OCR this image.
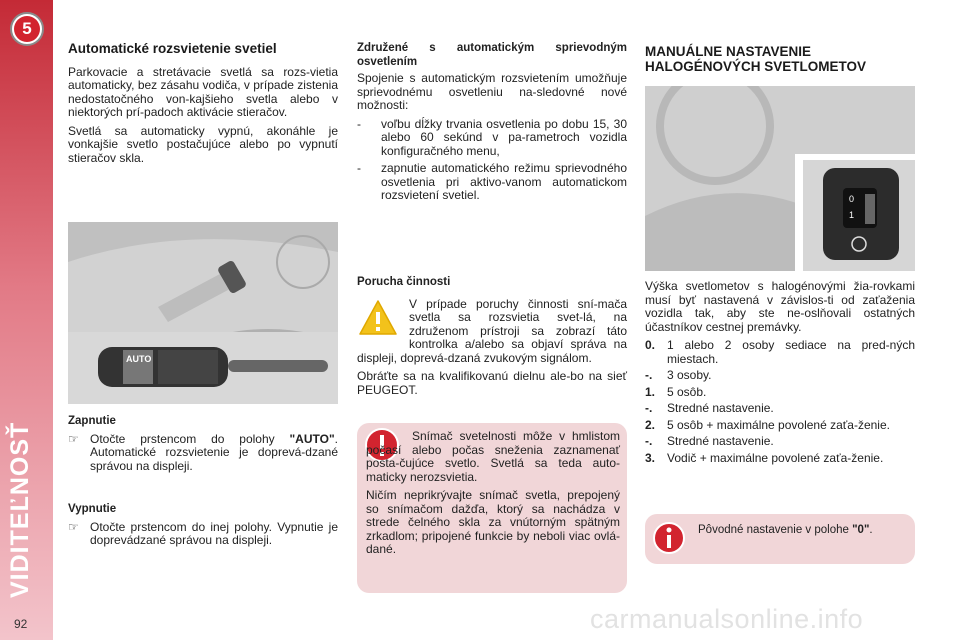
5
VIDITEĽNOSŤ
92
Automatické rozsvietenie svetiel

Parkovacie a stretávacie svetlá sa rozs-vietia automaticky, bez zásahu vodiča, v prípade zistenia nedostatočného von-kajšieho svetla alebo v niektorých prí-padoch aktivácie stieračov.

Svetlá sa automaticky vypnú, akonáhle je vonkajšie svetlo postačujúce alebo po vypnutí stieračov skla.

AUTO
Zapnutie
☞ Otočte prstencom do polohy "AUTO". Automatické rozsvietenie je doprevá-dzané správou na displeji.
Vypnutie
☞ Otočte prstencom do inej polohy. Vypnutie je doprevádzané správou na displeji.
Združené s automatickým sprievodným osvetlením

Spojenie s automatickým rozsvietením umožňuje sprievodnému osvetleniu na-sledovné nové možnosti:

- voľbu dĺžky trvania osvetlenia po dobu 15, 30 alebo 60 sekúnd v pa-rametroch vozidla konfiguračného menu,
- zapnutie automatického režimu sprievodného osvetlenia pri aktivo-vanom automatickom rozsvietení svetiel.
Porucha činnosti

V prípade poruchy činnosti sní-mača svetla sa rozsvietia svet-lá, na združenom prístroji sa zobrazí táto kontrolka a/alebo sa objaví správa na displeji, doprevá-dzaná zvukovým signálom.

Obráťte sa na kvalifikovanú dielnu ale-bo na sieť PEUGEOT.

Snímač svetelnosti môže v hmlistom počasí alebo počas sneženia zaznamenať posta-čujúce svetlo. Svetlá sa teda auto-maticky nerozsvietia.

Ničím neprikrývajte snímač svetla, prepojený so snímačom dažďa, ktorý sa nachádza v strede čelného skla za vnútorným spätným zrkadlom; pripojené funkcie by neboli viac ovlá-dané.

MANUÁLNE NASTAVENIE
HALOGÉNOVÝCH SVETLOMETOV
0
1

Výška svetlometov s halogénovými žia-rovkami musí byť nastavená v závislos-ti od zaťaženia vozidla tak, aby ste ne-oslňovali ostatných účastníkov cestnej premávky.

0. 1 alebo 2 osoby sediace na pred-ných miestach.
-.	3 osoby.
1. 5 osôb.
-.	Stredné nastavenie.
2. 5 osôb + maximálne povolené zaťa-ženie.
-.	Stredné nastavenie.
3. Vodič + maximálne povolené zaťa-ženie.
Pôvodné nastavenie v polohe "0".
carmanualsonline.info
